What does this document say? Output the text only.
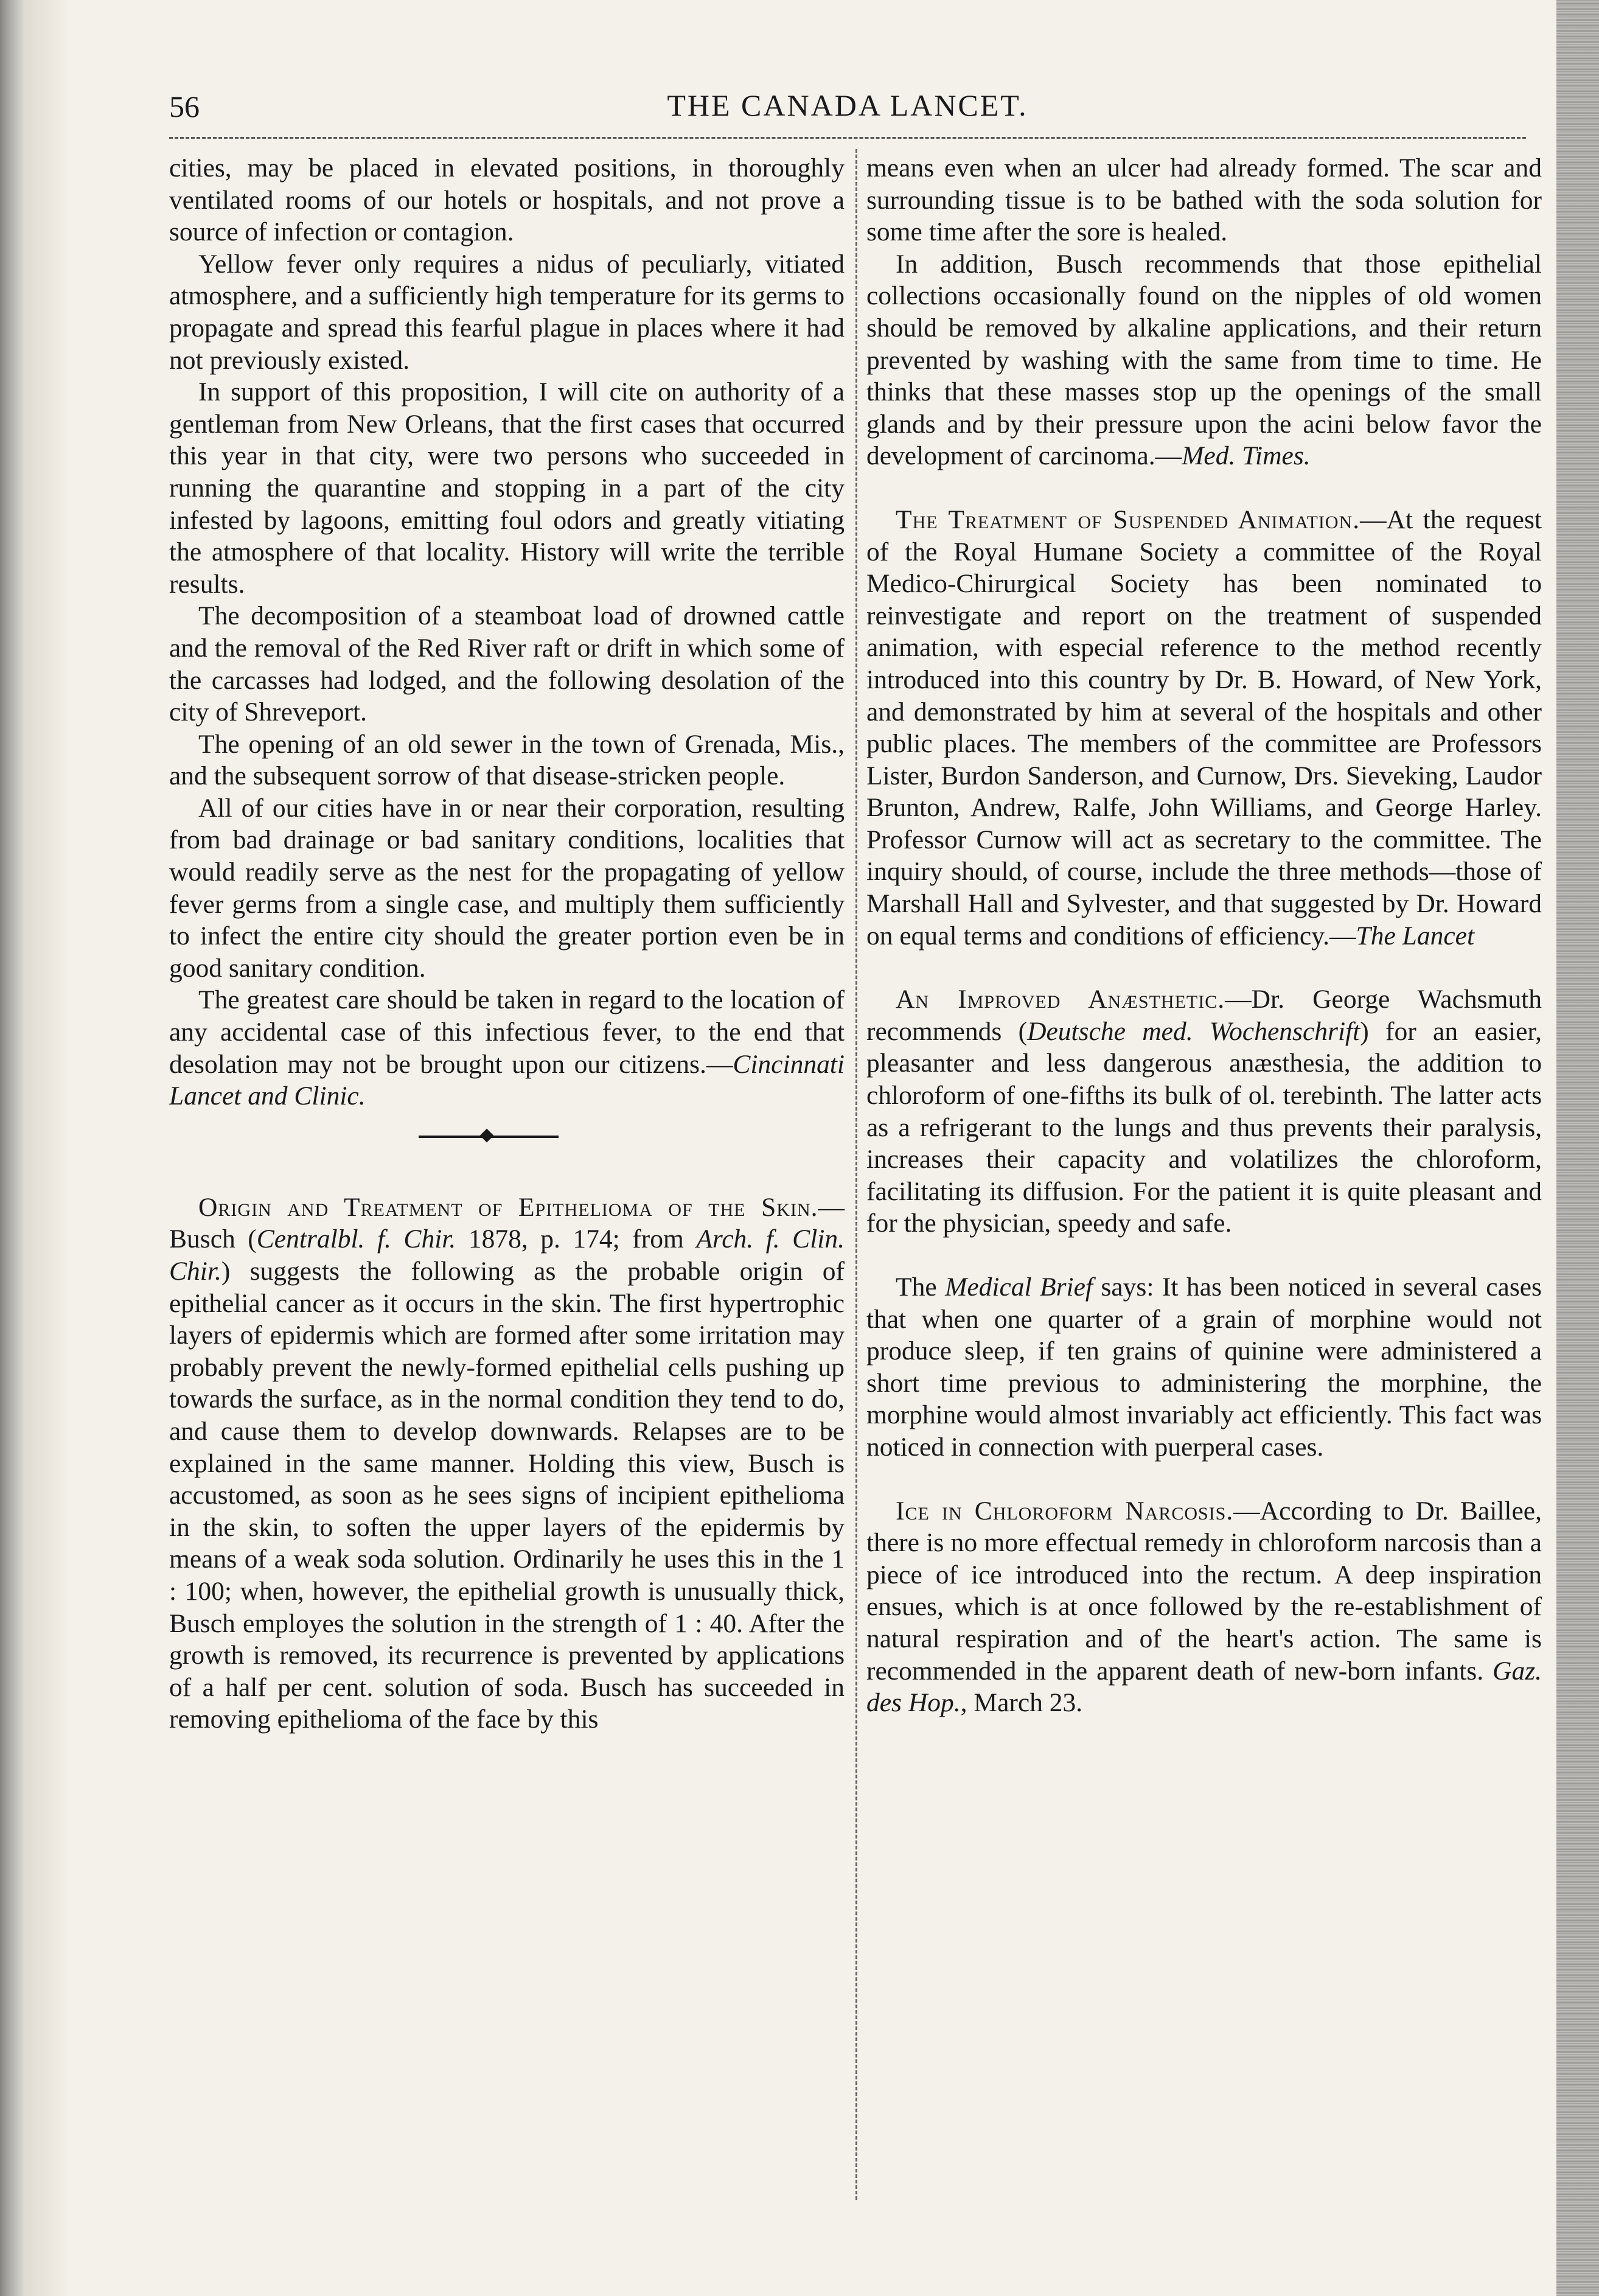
56	THE CANADA LANCET.

cities, may be placed in elevated positions, in thoroughly ventilated rooms of our hotels or hospitals, and not prove a source of infection or contagion.

Yellow fever only requires a nidus of peculiarly, vitiated atmosphere, and a sufficiently high temperature for its germs to propagate and spread this fearful plague in places where it had not previously existed.

In support of this proposition, I will cite on authority of a gentleman from New Orleans, that the first cases that occurred this year in that city, were two persons who succeeded in running the quarantine and stopping in a part of the city infested by lagoons, emitting foul odors and greatly vitiating the atmosphere of that locality. History will write the terrible results.

The decomposition of a steamboat load of drowned cattle and the removal of the Red River raft or drift in which some of the carcasses had lodged, and the following desolation of the city of Shreveport.

The opening of an old sewer in the town of Grenada, Mis., and the subsequent sorrow of that disease-stricken people.

All of our cities have in or near their corporation, resulting from bad drainage or bad sanitary conditions, localities that would readily serve as the nest for the propagating of yellow fever germs from a single case, and multiply them sufficiently to infect the entire city should the greater portion even be in good sanitary condition.

The greatest care should be taken in regard to the location of any accidental case of this infectious fever, to the end that desolation may not be brought upon our citizens.—Cincinnati Lancet and Clinic.

Origin and Treatment of Epithelioma of the Skin.—Busch (Centralbl. f. Chir. 1878, p. 174; from Arch. f. Clin. Chir.) suggests the following as the probable origin of epithelial cancer as it occurs in the skin. The first hypertrophic layers of epidermis which are formed after some irritation may probably prevent the newly-formed epithelial cells pushing up towards the surface, as in the normal condition they tend to do, and cause them to develop downwards. Relapses are to be explained in the same manner. Holding this view, Busch is accustomed, as soon as he sees signs of incipient epithelioma in the skin, to soften the upper layers of the epidermis by means of a weak soda solution. Ordinarily he uses this in the 1 : 100; when, however, the epithelial growth is unusually thick, Busch employes the solution in the strength of 1 : 40. After the growth is removed, its recurrence is prevented by applications of a half per cent. solution of soda. Busch has succeeded in removing epithelioma of the face by this

means even when an ulcer had already formed. The scar and surrounding tissue is to be bathed with the soda solution for some time after the sore is healed.

In addition, Busch recommends that those epithelial collections occasionally found on the nipples of old women should be removed by alkaline applications, and their return prevented by washing with the same from time to time. He thinks that these masses stop up the openings of the small glands and by their pressure upon the acini below favor the development of carcinoma.—Med. Times.

The Treatment of Suspended Animation.—At the request of the Royal Humane Society a committee of the Royal Medico-Chirurgical Society has been nominated to reinvestigate and report on the treatment of suspended animation, with especial reference to the method recently introduced into this country by Dr. B. Howard, of New York, and demonstrated by him at several of the hospitals and other public places. The members of the committee are Professors Lister, Burdon Sanderson, and Curnow, Drs. Sieveking, Laudor Brunton, Andrew, Ralfe, John Williams, and George Harley. Professor Curnow will act as secretary to the committee. The inquiry should, of course, include the three methods—those of Marshall Hall and Sylvester, and that suggested by Dr. Howard on equal terms and conditions of efficiency.—The Lancet

An Improved Anæsthetic.—Dr. George Wachsmuth recommends (Deutsche med. Wochenschrift) for an easier, pleasanter and less dangerous anæsthesia, the addition to chloroform of one-fifths its bulk of ol. terebinth. The latter acts as a refrigerant to the lungs and thus prevents their paralysis, increases their capacity and volatilizes the chloroform, facilitating its diffusion. For the patient it is quite pleasant and for the physician, speedy and safe.

The Medical Brief says: It has been noticed in several cases that when one quarter of a grain of morphine would not produce sleep, if ten grains of quinine were administered a short time previous to administering the morphine, the morphine would almost invariably act efficiently. This fact was noticed in connection with puerperal cases.

Ice in Chloroform Narcosis.—According to Dr. Baillee, there is no more effectual remedy in chloroform narcosis than a piece of ice introduced into the rectum. A deep inspiration ensues, which is at once followed by the re-establishment of natural respiration and of the heart's action. The same is recommended in the apparent death of new-born infants. Gaz. des Hop., March 23.
